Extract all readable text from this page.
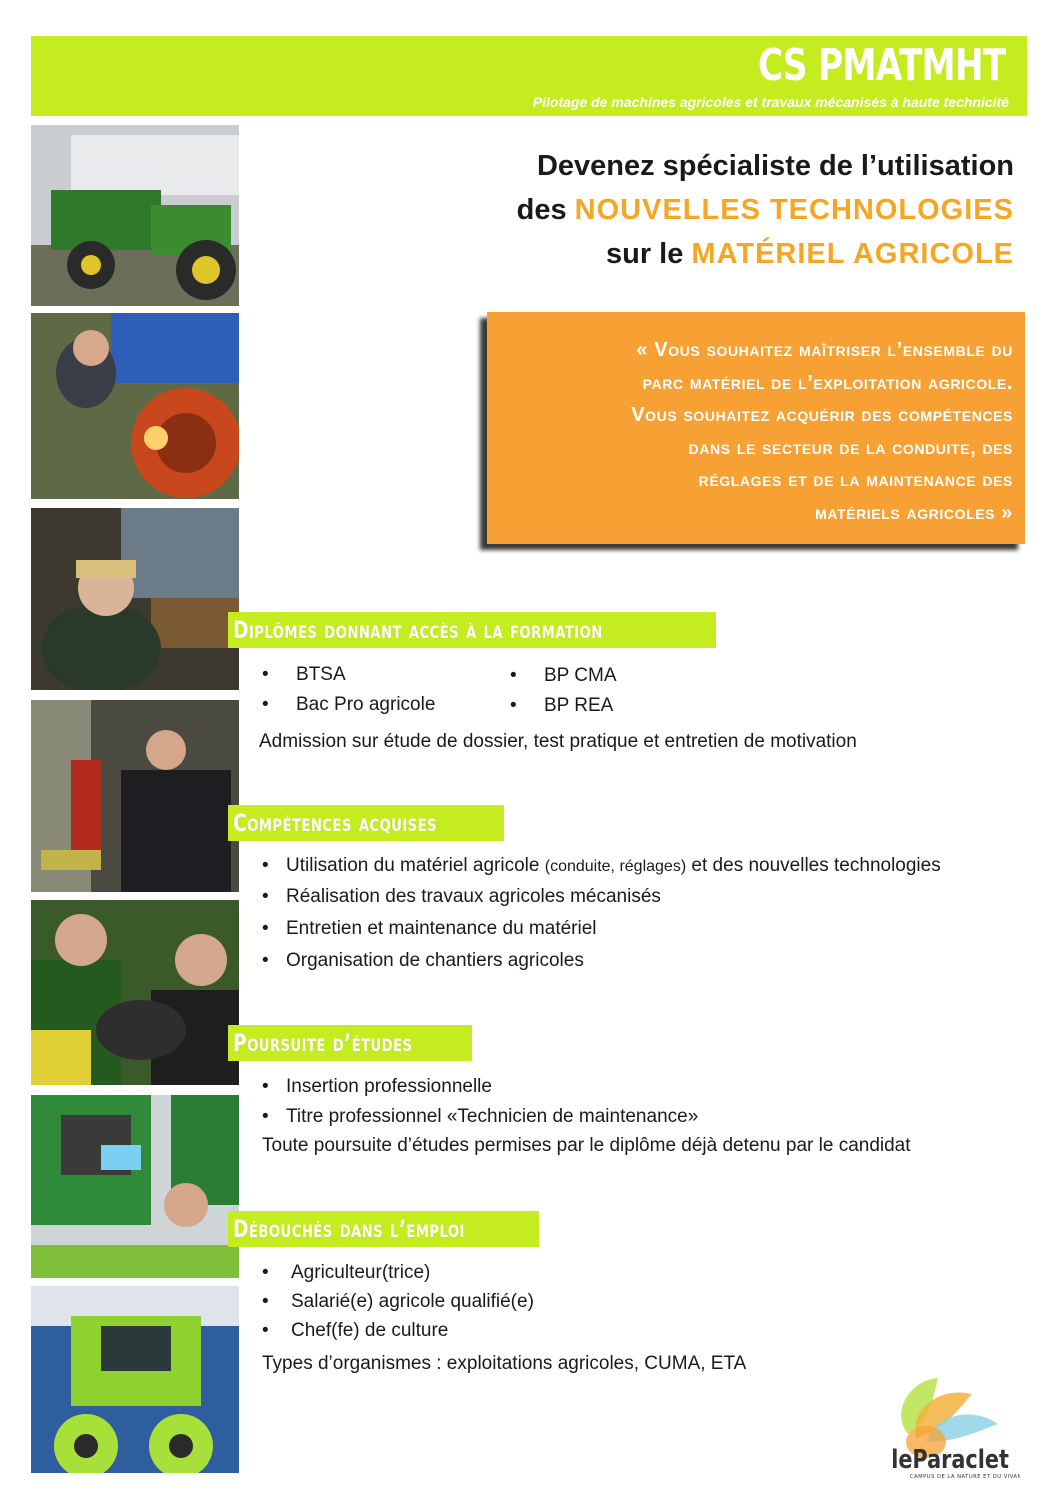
CS PMATMHT
Pilotage de machines agricoles et travaux mécanisés à haute technicité
Devenez spécialiste de l’utilisation
des NOUVELLES TECHNOLOGIES
sur le MATÉRIEL AGRICOLE

« Vous souhaitez maîtriser l’ensemble du

parc matériel de l’exploitation agricole.

Vous souhaitez acquérir des compétences

dans le secteur de la conduite, des

réglages et de la maintenance des

matériels agricoles »

Diplômes donnant accès à la formation
• BTSA
• Bac Pro agricole
• BP CMA
• BP REA

Admission sur étude de dossier, test pratique et entretien de motivation

Compétences acquises
• Utilisation du matériel agricole (conduite, réglages) et des nouvelles technologies
• Réalisation des travaux agricoles mécanisés
• Entretien et maintenance du matériel
• Organisation de chantiers agricoles
Poursuite d’études
• Insertion professionnelle
• Titre professionnel «Technicien de maintenance»

Toute poursuite d’études permises par le diplôme déjà detenu par le candidat

Débouchés dans l’emploi
• Agriculteur(trice)
• Salarié(e) agricole qualifié(e)
• Chef(fe) de culture

Types d’organismes : exploitations agricoles, CUMA, ETA

leParaclet
CAMPUS DE LA NATURE ET DU VIVANT
